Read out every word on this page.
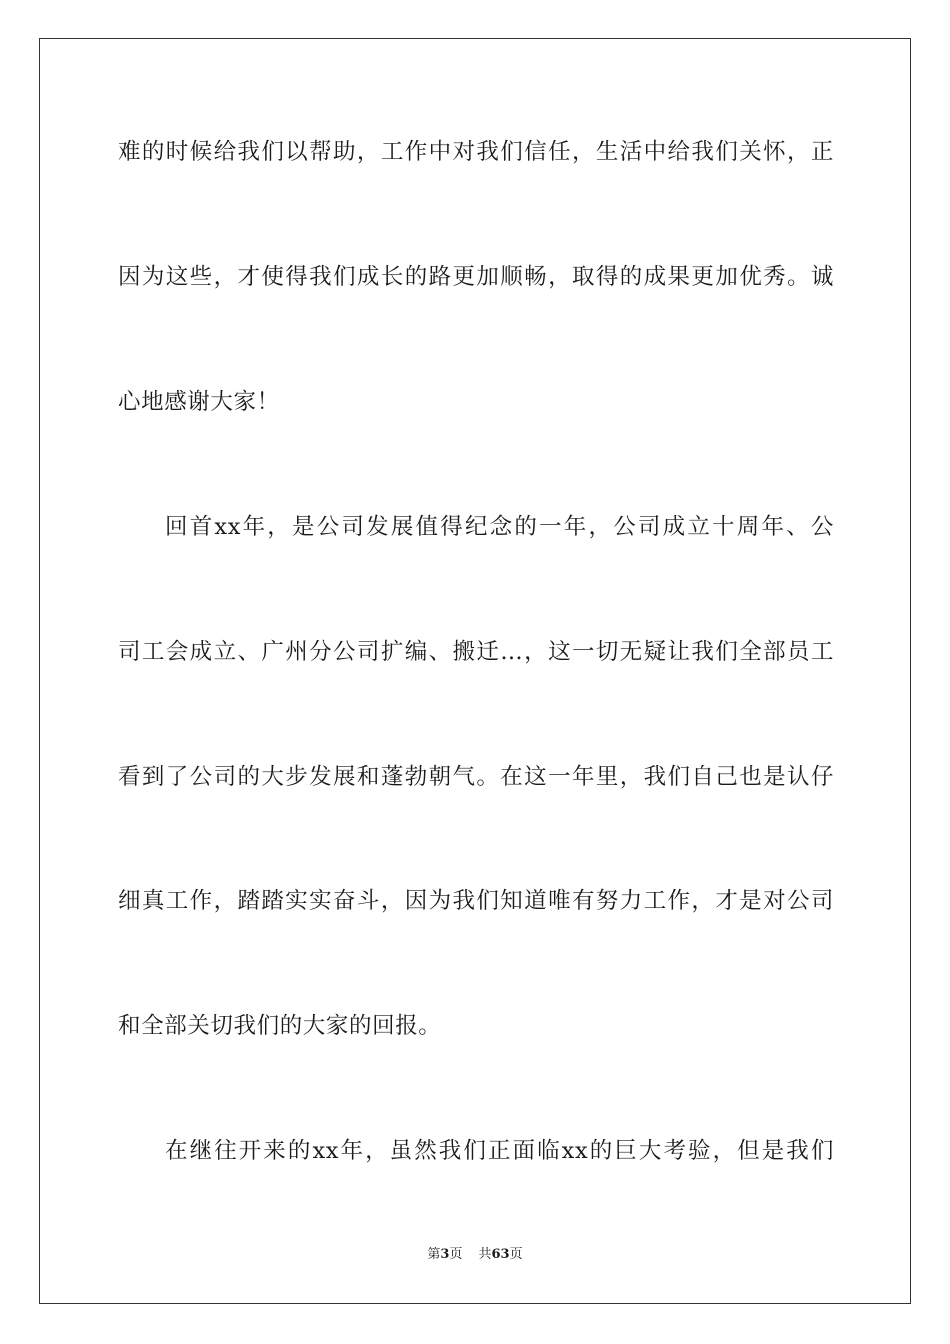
难的时候给我们以帮助，工作中对我们信任，生活中给我们关怀，正
因为这些，才使得我们成长的路更加顺畅，取得的成果更加优秀。诚
心地感谢大家！
回首xx年，是公司发展值得纪念的一年，公司成立十周年、公
司工会成立、广州分公司扩编、搬迁…，这一切无疑让我们全部员工
看到了公司的大步发展和蓬勃朝气。在这一年里，我们自己也是认仔
细真工作，踏踏实实奋斗，因为我们知道唯有努力工作，才是对公司
和全部关切我们的大家的回报。
在继往开来的xx年，虽然我们正面临xx的巨大考验，但是我们
第3页 共63页
